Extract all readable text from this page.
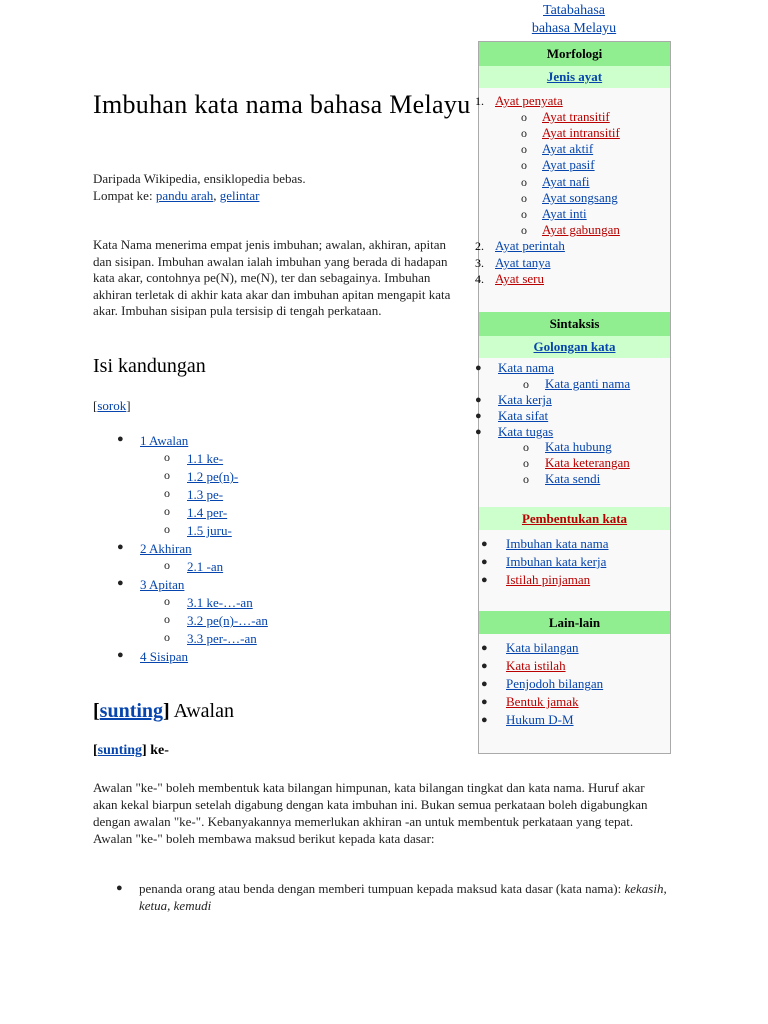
Tatabahasa
bahasa Melayu
Morfologi
Jenis ayat
1. Ayat penyata
o Ayat transitif
o Ayat intransitif
o Ayat aktif
o Ayat pasif
o Ayat nafi
o Ayat songsang
o Ayat inti
o Ayat gabungan
2. Ayat perintah
3. Ayat tanya
4. Ayat seru
Sintaksis
Golongan kata
● Kata nama
o Kata ganti nama
● Kata kerja
● Kata sifat
● Kata tugas
o Kata hubung
o Kata keterangan
o Kata sendi
Pembentukan kata
● Imbuhan kata nama
● Imbuhan kata kerja
● Istilah pinjaman
Lain-lain
● Kata bilangan
● Kata istilah
● Penjodoh bilangan
● Bentuk jamak
● Hukum D-M
Imbuhan kata nama bahasa Melayu
Daripada Wikipedia, ensiklopedia bebas.
Lompat ke: pandu arah, gelintar

Kata Nama menerima empat jenis imbuhan; awalan, akhiran, apitan dan sisipan. Imbuhan awalan ialah imbuhan yang berada di hadapan kata akar, contohnya pe(N), me(N), ter dan sebagainya. Imbuhan akhiran terletak di akhir kata akar dan imbuhan apitan mengapit kata akar. Imbuhan sisipan pula tersisip di tengah perkataan.

Isi kandungan
[sorok]
● 1 Awalan
o 1.1 ke-
o 1.2 pe(n)-
o 1.3 pe-
o 1.4 per-
o 1.5 juru-
● 2 Akhiran
o 2.1 -an
● 3 Apitan
o 3.1 ke-…-an
o 3.2 pe(n)-…-an
o 3.3 per-…-an
● 4 Sisipan
[sunting] Awalan
[sunting] ke-

Awalan "ke-" boleh membentuk kata bilangan himpunan, kata bilangan tingkat dan kata nama. Huruf akar akan kekal biarpun setelah digabung dengan kata imbuhan ini. Bukan semua perkataan boleh digabungkan dengan awalan "ke-". Kebanyakannya memerlukan akhiran -an untuk membentuk perkataan yang tepat. Awalan "ke-" boleh membawa maksud berikut kepada kata dasar:

● penanda orang atau benda dengan memberi tumpuan kepada maksud kata dasar (kata nama): kekasih, ketua, kemudi
